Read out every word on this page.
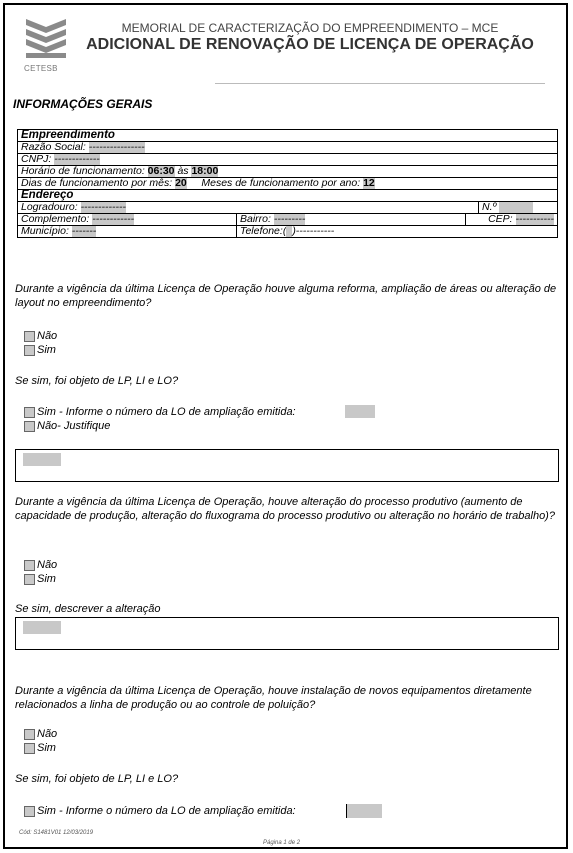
CETESB
MEMORIAL DE CARACTERIZAÇÃO DO EMPREENDIMENTO – MCE
ADICIONAL DE RENOVAÇÃO DE LICENÇA DE OPERAÇÃO
INFORMAÇÕES GERAIS
Empreendimento			
Razão Social: ----------------			
CNPJ: -------------			
Horário de funcionamento: 06:30 às 18:00			
Dias de funcionamento por mês: 20 Meses de funcionamento por ano: 12			
Endereço			
Logradouro: -------------			N.º
Complemento: ------------	Bairro: ---------	CEP: -----------	
Município: -------	Telefone:( )-----------		
Durante a vigência da última Licença de Operação houve alguma reforma, ampliação de áreas ou alteração de layout no empreendimento?
Não
Sim
Se sim, foi objeto de LP, LI e LO?
Sim - Informe o número da LO de ampliação emitida:
Não- Justifique
Durante a vigência da última Licença de Operação, houve alteração do processo produtivo (aumento de capacidade de produção, alteração do fluxograma do processo produtivo ou alteração no horário de trabalho)?
Não
Sim
Se sim, descrever a alteração
Durante a vigência da última Licença de Operação, houve instalação de novos equipamentos diretamente relacionados a linha de produção ou ao controle de poluição?
Não
Sim
Se sim, foi objeto de LP, LI e LO?
Sim - Informe o número da LO de ampliação emitida:
Cód: S1481V01 12/03/2019
Página 1 de 2
